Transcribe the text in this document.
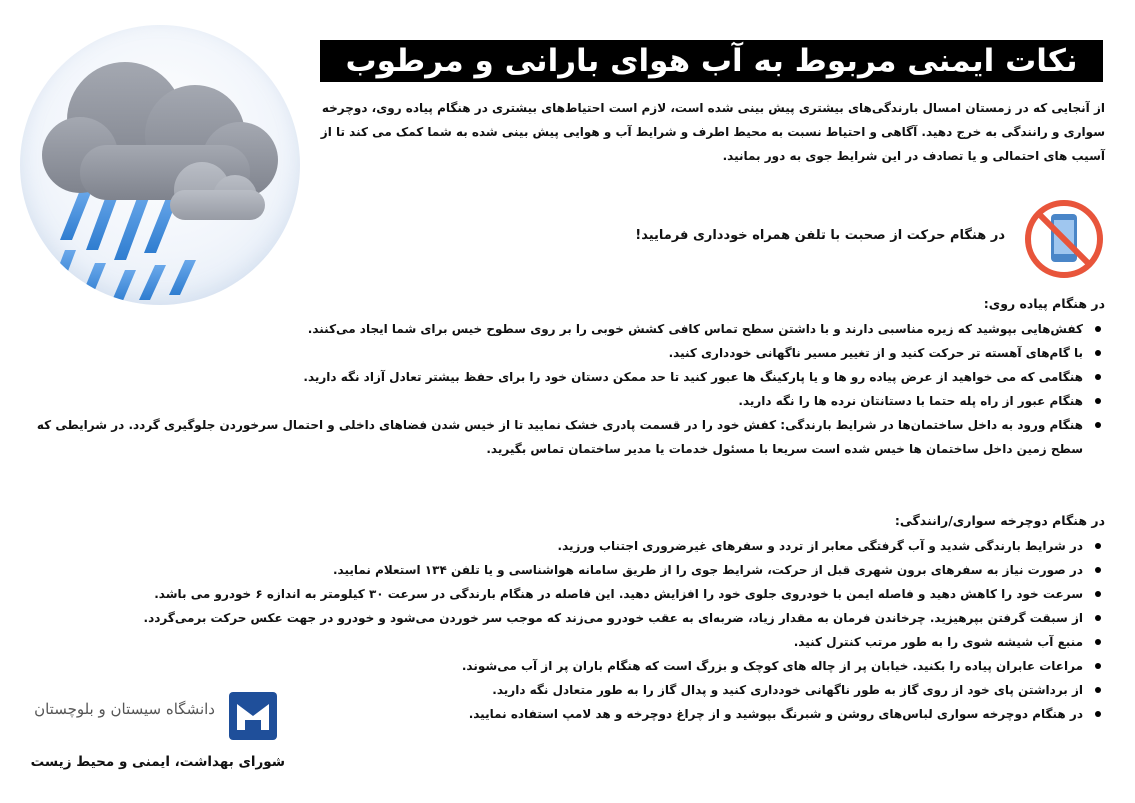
نکات ایمنی مربوط به آب هوای بارانی و مرطوب

از آنجایی که در زمستان امسال بارندگی‌های بیشتری پیش بینی شده است، لازم است احتیاط‌های بیشتری در هنگام پیاده روی، دوچرخه سواری و رانندگی به خرج دهید. آگاهی و احتیاط نسبت به محیط اطرف و شرایط آب و هوایی پیش بینی شده به شما کمک می کند تا از آسیب های احتمالی و یا تصادف در این شرایط جوی به دور بمانید.

در هنگام حرکت از صحبت با تلفن همراه خودداری فرمایید!
در هنگام پیاده روی:
کفش‌هایی بپوشید که زیره مناسبی دارند و با داشتن سطح تماس کافی کشش خوبی را بر روی سطوح خیس برای شما ایجاد می‌کنند.
با گام‌های آهسته تر حرکت کنید و از تغییر مسیر ناگهانی خودداری کنید.
هنگامی که می خواهید از عرض پیاده رو ها و یا پارکینگ ها عبور کنید تا حد ممکن دستان خود را برای حفظ بیشتر تعادل آزاد نگه دارید.
هنگام عبور از راه پله حتما با دستانتان نرده ها را نگه دارید.
هنگام ورود به داخل ساختمان‌ها در شرایط بارندگی: کفش خود را در قسمت پادری خشک نمایید تا از خیس شدن فضاهای داخلی و احتمال سرخوردن جلوگیری گردد. در شرایطی که سطح زمین داخل ساختمان ها خیس شده است سریعا با مسئول خدمات یا مدیر ساختمان تماس بگیرید.
در هنگام دوچرخه سواری/رانندگی:
در شرایط بارندگی شدید و آب گرفتگی معابر از تردد و سفرهای غیرضروری اجتناب ورزید.
در صورت نیاز به سفرهای برون شهری قبل از حرکت، شرایط جوی را از طریق سامانه هواشناسی و یا تلفن ۱۳۴ استعلام نمایید.
سرعت خود را کاهش دهید و فاصله ایمن با خودروی جلوی خود را افزایش دهید. این فاصله در هنگام بارندگی در سرعت ۳۰ کیلومتر به اندازه ۶ خودرو می باشد.
از سبقت گرفتن بپرهیزید. چرخاندن فرمان به مقدار زیاد، ضربه‌ای به عقب خودرو می‌زند که موجب سر خوردن می‌شود و خودرو در جهت عکس حرکت برمی‌گردد.
منبع آب شیشه شوی را به طور مرتب کنترل کنید.
مراعات عابران پیاده را بکنید. خیابان پر از چاله های کوچک و بزرگ است که هنگام باران پر از آب می‌شوند.
از برداشتن پای خود از روی گاز به طور ناگهانی خودداری کنید و پدال گاز را به طور متعادل نگه دارید.
در هنگام دوچرخه سواری لباس‌های روشن و شبرنگ بپوشید و از چراغ دوچرخه و هد لامپ استفاده نمایید.
دانشگاه سیستان و بلوچستان
شورای بهداشت، ایمنی و محیط زیست
